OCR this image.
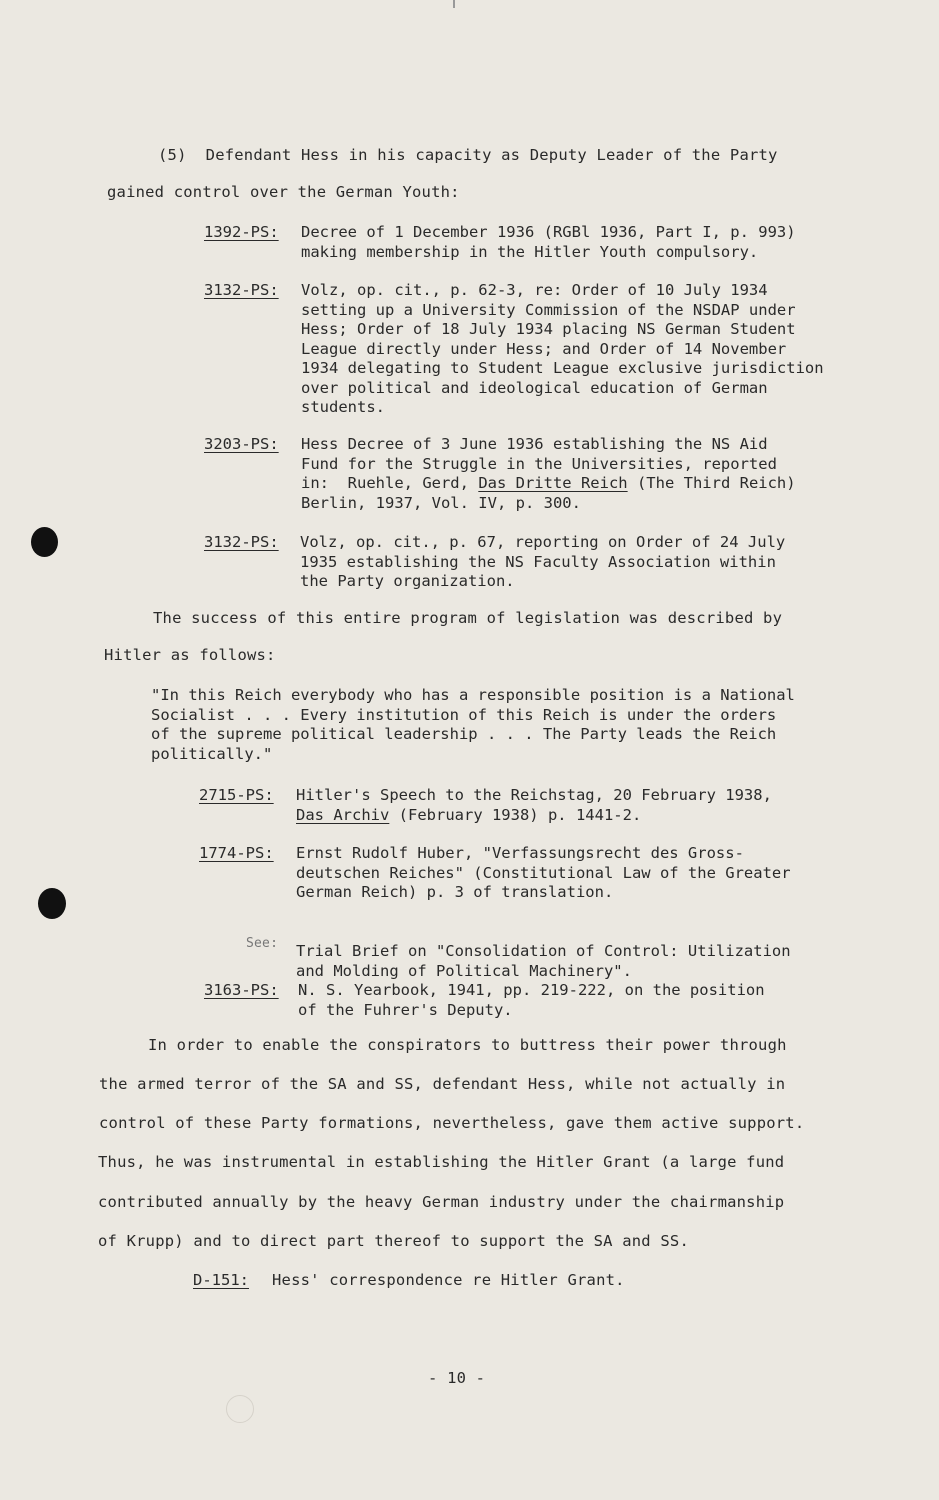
(5)  Defendant Hess in his capacity as Deputy Leader of the Party
gained control over the German Youth:
1392-PS: Decree of 1 December 1936 (RGBl 1936, Part I, p. 993)
making membership in the Hitler Youth compulsory.
3132-PS: Volz, op. cit., p. 62-3, re: Order of 10 July 1934
setting up a University Commission of the NSDAP under
Hess; Order of 18 July 1934 placing NS German Student
League directly under Hess; and Order of 14 November
1934 delegating to Student League exclusive jurisdiction
over political and ideological education of German
students.
3203-PS: Hess Decree of 3 June 1936 establishing the NS Aid
Fund for the Struggle in the Universities, reported
in:  Ruehle, Gerd, Das Dritte Reich (The Third Reich)
Berlin, 1937, Vol. IV, p. 300.
3132-PS: Volz, op. cit., p. 67, reporting on Order of 24 July
1935 establishing the NS Faculty Association within
the Party organization.
The success of this entire program of legislation was described by
Hitler as follows:
"In this Reich everybody who has a responsible position is a National
Socialist . . . Every institution of this Reich is under the orders
of the supreme political leadership . . . The Party leads the Reich
politically."
2715-PS: Hitler's Speech to the Reichstag, 20 February 1938,
Das Archiv (February 1938) p. 1441-2.
1774-PS: Ernst Rudolf Huber, "Verfassungsrecht des Gross-
deutschen Reiches" (Constitutional Law of the Greater
German Reich) p. 3 of translation.
See: Trial Brief on "Consolidation of Control: Utilization
and Molding of Political Machinery".
3163-PS: N. S. Yearbook, 1941, pp. 219-222, on the position
of the Fuhrer's Deputy.
In order to enable the conspirators to buttress their power through
the armed terror of the SA and SS, defendant Hess, while not actually in
control of these Party formations, nevertheless, gave them active support.
Thus, he was instrumental in establishing the Hitler Grant (a large fund
contributed annually by the heavy German industry under the chairmanship
of Krupp) and to direct part thereof to support the SA and SS.
D-151: Hess' correspondence re Hitler Grant.
- 10 -
